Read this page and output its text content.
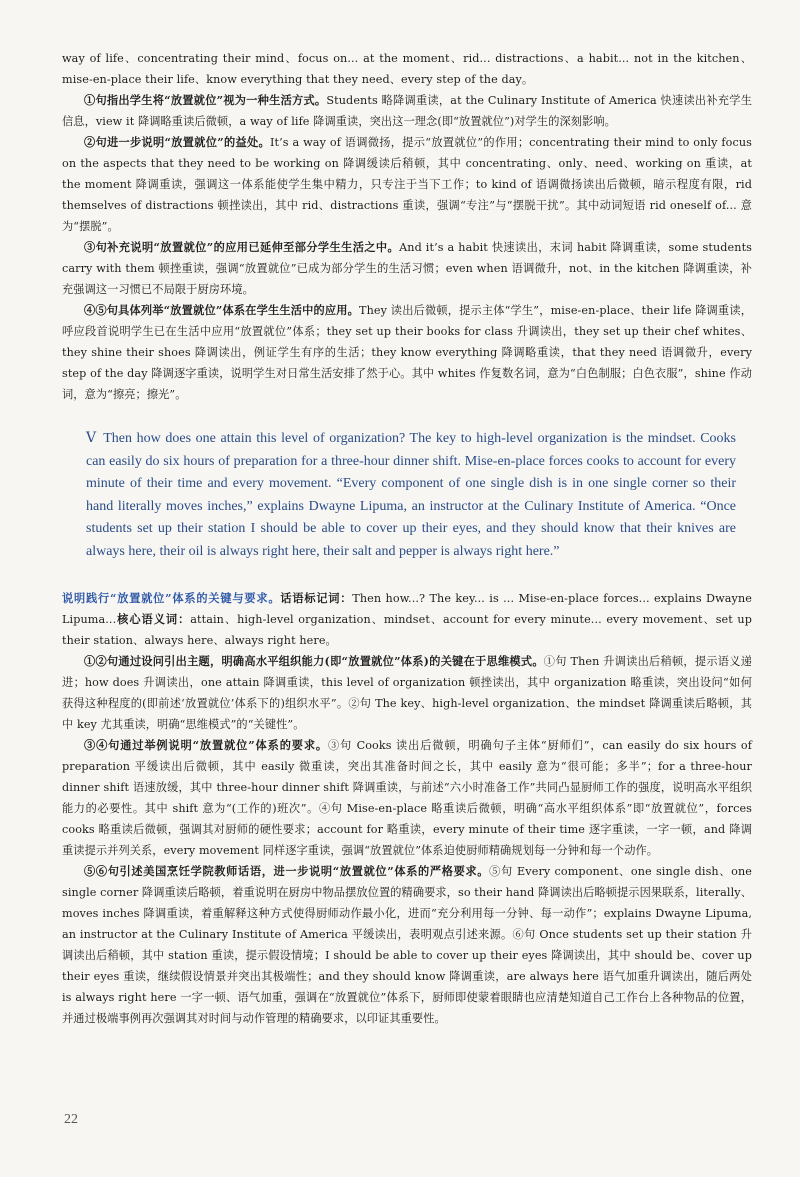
way of life、concentrating their mind、focus on... at the moment、rid... distractions、a habit... not in the kitchen、mise-en-place their life、know everything that they need、every step of the day。

①句指出学生将“放置就位”视为一种生活方式。Students 略降调重读，at the Culinary Institute of America 快速读出补充学生信息，view it 降调略重读后微顿，a way of life 降调重读，突出这一理念(即“放置就位”)对学生的深刻影响。

②句进一步说明“放置就位”的益处。It’s a way of 语调微扬，提示“放置就位”的作用；concentrating their mind to only focus on the aspects that they need to be working on 降调缓读后稍顿，其中 concentrating、only、need、working on 重读，at the moment 降调重读，强调这一体系能使学生集中精力，只专注于当下工作；to kind of 语调微扬读出后微顿，暗示程度有限，rid themselves of distractions 顿挫读出，其中 rid、distractions 重读，强调“专注”与“摆脱干扰”。其中动词短语 rid oneself of... 意为“摆脱”。

③句补充说明“放置就位”的应用已延伸至部分学生生活之中。And it’s a habit 快速读出，末词 habit 降调重读，some students carry with them 顿挫重读，强调“放置就位”已成为部分学生的生活习惯；even when 语调微升，not、in the kitchen 降调重读，补充强调这一习惯已不局限于厨房环境。

④⑤句具体列举“放置就位”体系在学生生活中的应用。They 读出后微顿，提示主体“学生”，mise-en-place、their life 降调重读，呼应段首说明学生已在生活中应用“放置就位”体系；they set up their books for class 升调读出，they set up their chef whites、they shine their shoes 降调读出，例证学生有序的生活；they know everything 降调略重读，that they need 语调微升，every step of the day 降调逐字重读，说明学生对日常生活安排了然于心。其中 whites 作复数名词，意为“白色制服；白色衣服”，shine 作动词，意为“擦亮；擦光”。

Ⅴ Then how does one attain this level of organization? The key to high-level organization is the mindset. Cooks can easily do six hours of preparation for a three-hour dinner shift. Mise-en-place forces cooks to account for every minute of their time and every movement. “Every component of one single dish is in one single corner so their hand literally moves inches,” explains Dwayne Lipuma, an instructor at the Culinary Institute of America. “Once students set up their station I should be able to cover up their eyes, and they should know that their knives are always here, their oil is always right here, their salt and pepper is always right here.”

说明践行“放置就位”体系的关键与要求。话语标记词：Then how...? The key... is ... Mise-en-place forces... explains Dwayne Lipuma...核心语义词：attain、high-level organization、mindset、account for every minute... every movement、set up their station、always here、always right here。

①②句通过设问引出主题，明确高水平组织能力(即“放置就位”体系)的关键在于思维模式。①句 Then 升调读出后稍顿，提示语义递进；how does 升调读出，one attain 降调重读，this level of organization 顿挫读出，其中 organization 略重读，突出设问“如何获得这种程度的(即前述‘放置就位’体系下的)组织水平”。②句 The key、high-level organization、the mindset 降调重读后略顿，其中 key 尤其重读，明确“思维模式”的“关键性”。

③④句通过举例说明“放置就位”体系的要求。③句 Cooks 读出后微顿，明确句子主体“厨师们”，can easily do six hours of preparation 平缓读出后微顿，其中 easily 微重读，突出其准备时间之长，其中 easily 意为“很可能；多半”；for a three-hour dinner shift 语速放缓，其中 three-hour dinner shift 降调重读，与前述“六小时准备工作”共同凸显厨师工作的强度，说明高水平组织能力的必要性。其中 shift 意为“(工作的)班次”。④句 Mise-en-place 略重读后微顿，明确“高水平组织体系”即“放置就位”，forces cooks 略重读后微顿，强调其对厨师的硬性要求；account for 略重读，every minute of their time 逐字重读，一字一顿，and 降调重读提示并列关系，every movement 同样逐字重读，强调“放置就位”体系迫使厨师精确规划每一分钟和每一个动作。

⑤⑥句引述美国烹饪学院教师话语，进一步说明“放置就位”体系的严格要求。⑤句 Every component、one single dish、one single corner 降调重读后略顿，着重说明在厨房中物品摆放位置的精确要求，so their hand 降调读出后略顿提示因果联系，literally、moves inches 降调重读，着重解释这种方式使得厨师动作最小化，进而“充分利用每一分钟、每一动作”；explains Dwayne Lipuma, an instructor at the Culinary Institute of America 平缓读出，表明观点引述来源。⑥句 Once students set up their station 升调读出后稍顿，其中 station 重读，提示假设情境；I should be able to cover up their eyes 降调读出，其中 should be、cover up their eyes 重读，继续假设情景并突出其极端性；and they should know 降调重读，are always here 语气加重升调读出，随后两处 is always right here 一字一顿、语气加重，强调在“放置就位”体系下，厨师即使蒙着眼睛也应清楚知道自己工作台上各种物品的位置，并通过极端事例再次强调其对时间与动作管理的精确要求，以印证其重要性。

22
